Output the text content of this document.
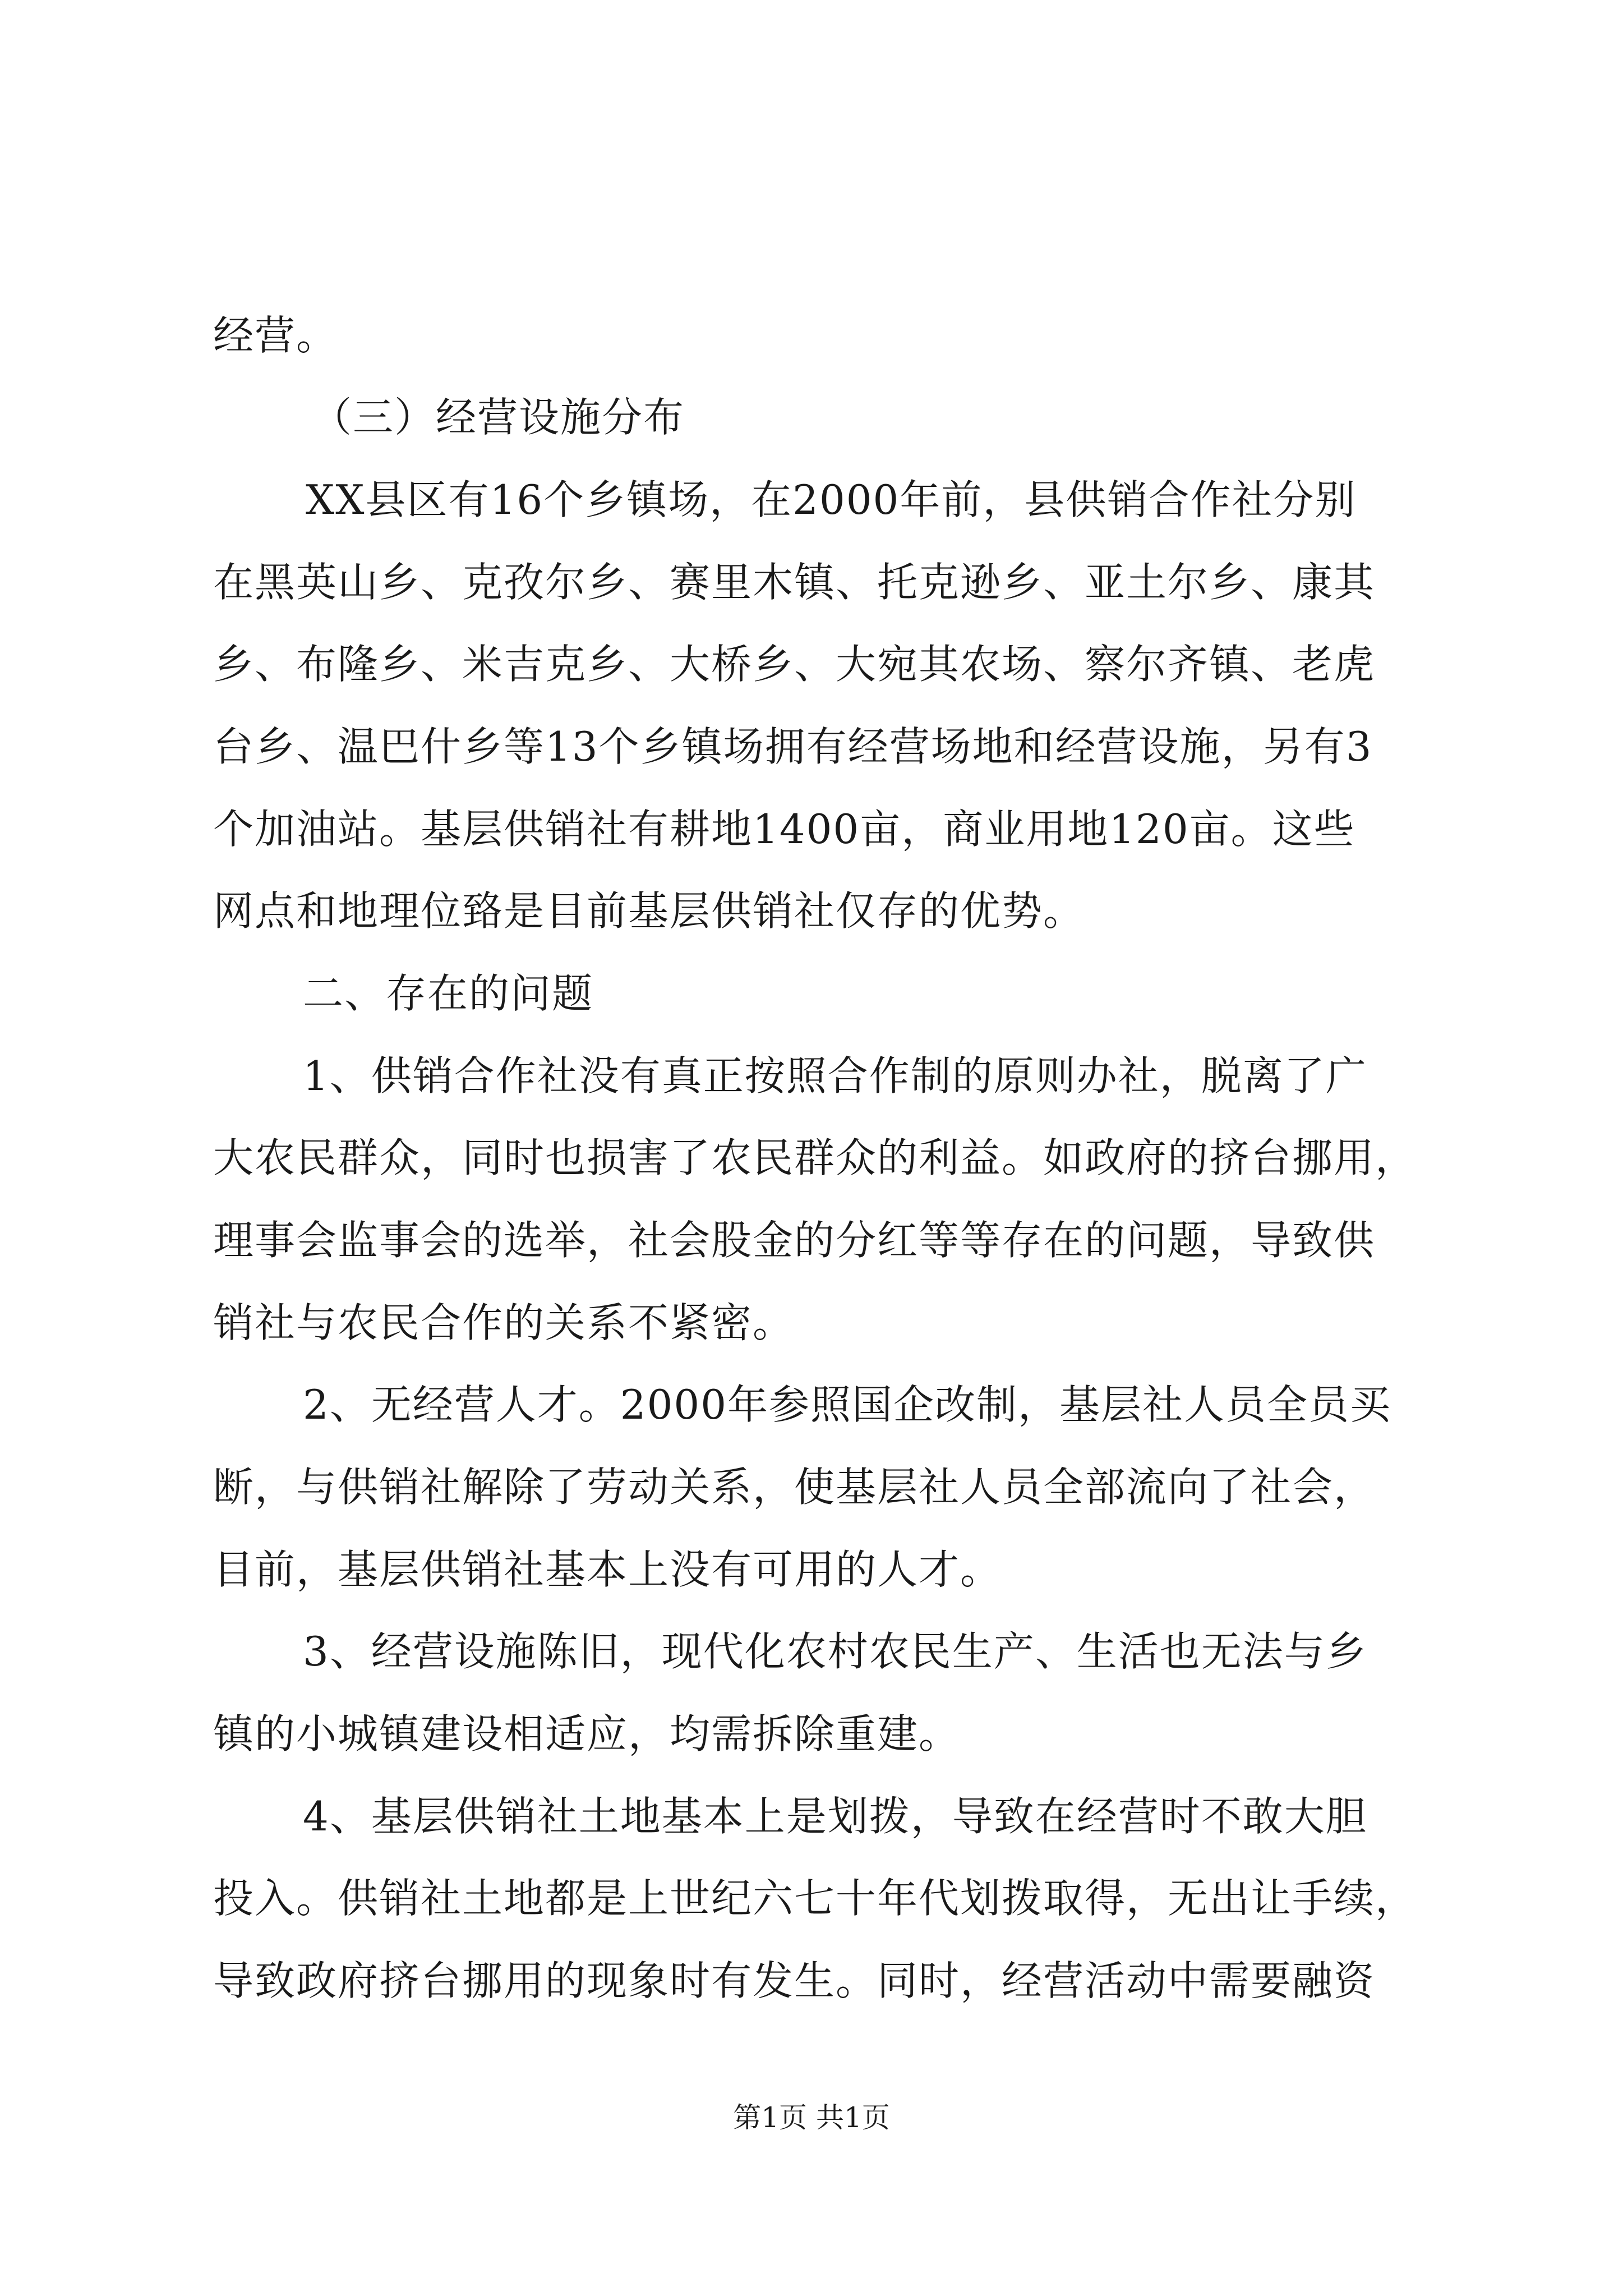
经营。
（三）经营设施分布
XX县区有16个乡镇场，在2000年前，县供销合作社分别
在黑英山乡、克孜尔乡、赛里木镇、托克逊乡、亚土尔乡、康其
乡、布隆乡、米吉克乡、大桥乡、大宛其农场、察尔齐镇、老虎
台乡、温巴什乡等13个乡镇场拥有经营场地和经营设施，另有3
个加油站。基层供销社有耕地1400亩，商业用地120亩。这些
网点和地理位臵是目前基层供销社仅存的优势。
二、存在的问题
1、供销合作社没有真正按照合作制的原则办社，脱离了广
大农民群众，同时也损害了农民群众的利益。如政府的挤台挪用，
理事会监事会的选举，社会股金的分红等等存在的问题，导致供
销社与农民合作的关系不紧密。
2、无经营人才。2000年参照国企改制，基层社人员全员买
断，与供销社解除了劳动关系，使基层社人员全部流向了社会，
目前，基层供销社基本上没有可用的人才。
3、经营设施陈旧，现代化农村农民生产、生活也无法与乡
镇的小城镇建设相适应，均需拆除重建。
4、基层供销社土地基本上是划拨，导致在经营时不敢大胆
投入。供销社土地都是上世纪六七十年代划拨取得，无出让手续，
导致政府挤台挪用的现象时有发生。同时，经营活动中需要融资
第1页 共1页
